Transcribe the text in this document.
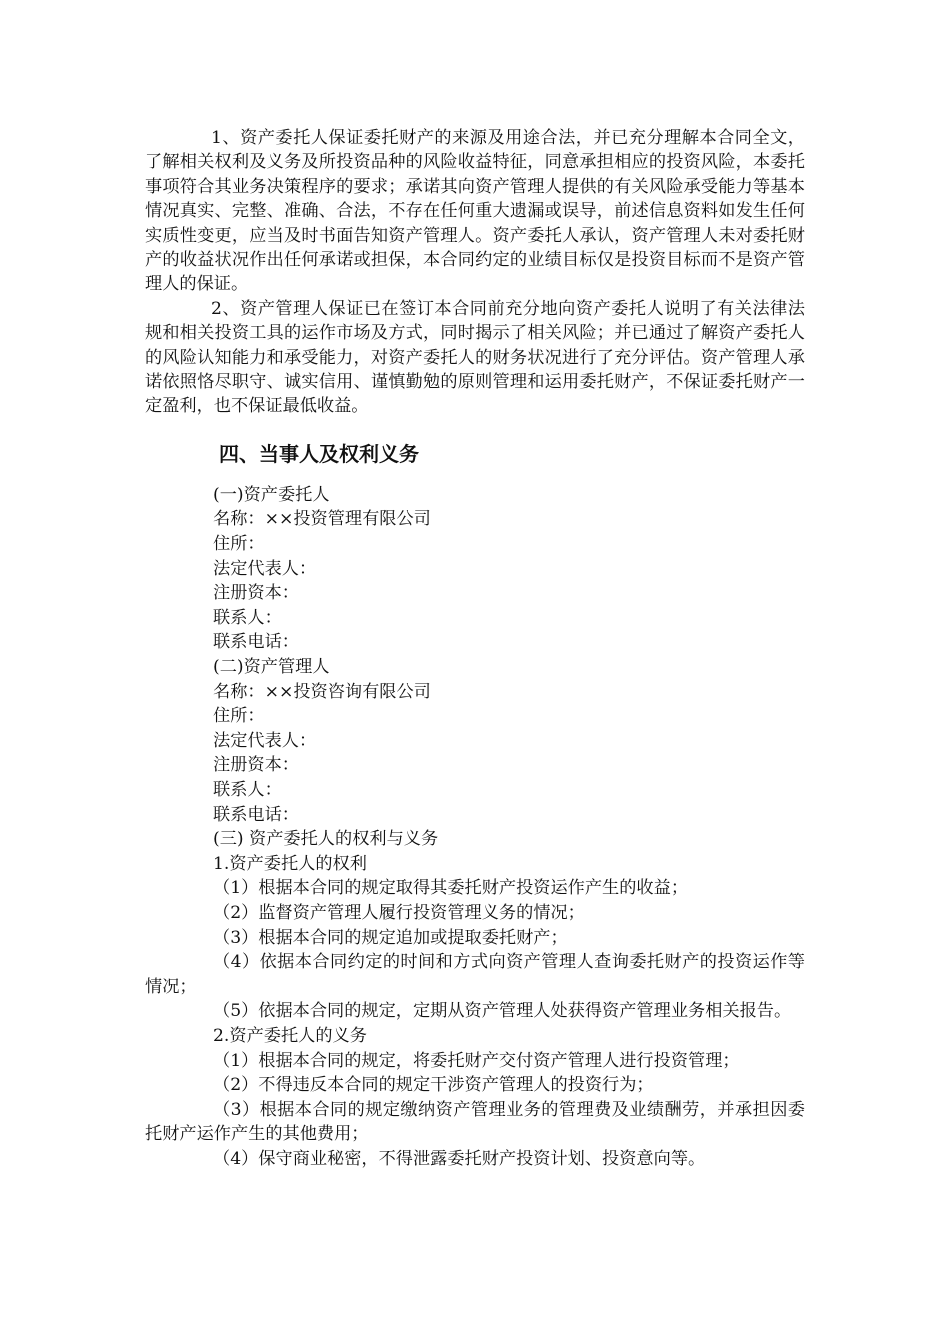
1、资产委托人保证委托财产的来源及用途合法，并已充分理解本合同全文，了解相关权利及义务及所投资品种的风险收益特征，同意承担相应的投资风险，本委托事项符合其业务决策程序的要求；承诺其向资产管理人提供的有关风险承受能力等基本情况真实、完整、准确、合法，不存在任何重大遗漏或误导，前述信息资料如发生任何实质性变更，应当及时书面告知资产管理人。资产委托人承认，资产管理人未对委托财产的收益状况作出任何承诺或担保，本合同约定的业绩目标仅是投资目标而不是资产管理人的保证。

2、资产管理人保证已在签订本合同前充分地向资产委托人说明了有关法律法规和相关投资工具的运作市场及方式，同时揭示了相关风险；并已通过了解资产委托人的风险认知能力和承受能力，对资产委托人的财务状况进行了充分评估。资产管理人承诺依照恪尽职守、诚实信用、谨慎勤勉的原则管理和运用委托财产，不保证委托财产一定盈利，也不保证最低收益。

四、当事人及权利义务

(一)资产委托人

名称：××投资管理有限公司

住所：

法定代表人：

注册资本：

联系人：

联系电话：

(二)资产管理人

名称：××投资咨询有限公司

住所：

法定代表人：

注册资本：

联系人：

联系电话：

(三) 资产委托人的权利与义务

1.资产委托人的权利

（1）根据本合同的规定取得其委托财产投资运作产生的收益；

（2）监督资产管理人履行投资管理义务的情况；

（3）根据本合同的规定追加或提取委托财产；

（4）依据本合同约定的时间和方式向资产管理人查询委托财产的投资运作等情况；

（5）依据本合同的规定，定期从资产管理人处获得资产管理业务相关报告。

2.资产委托人的义务

（1）根据本合同的规定，将委托财产交付资产管理人进行投资管理；

（2）不得违反本合同的规定干涉资产管理人的投资行为；

（3）根据本合同的规定缴纳资产管理业务的管理费及业绩酬劳，并承担因委托财产运作产生的其他费用；

（4）保守商业秘密，不得泄露委托财产投资计划、投资意向等。
